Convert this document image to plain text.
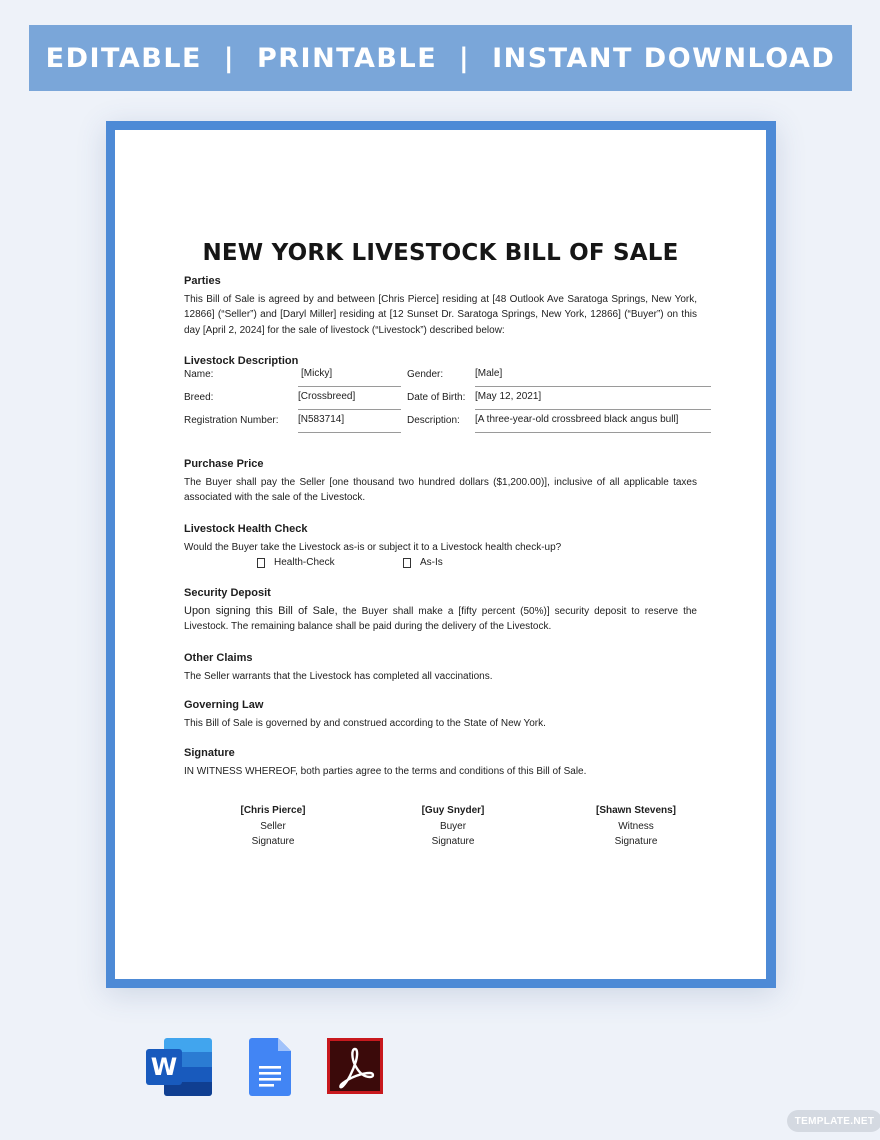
EDITABLE  |  PRINTABLE  |  INSTANT DOWNLOAD
NEW YORK LIVESTOCK BILL OF SALE
Parties

This Bill of Sale is agreed by and between [Chris Pierce] residing at [48 Outlook Ave Saratoga Springs, New York, 12866] (“Seller”) and [Daryl Miller] residing at [12 Sunset Dr. Saratoga Springs, New York, 12866] (“Buyer”) on this day [April 2, 2024] for the sale of livestock (“Livestock”) described below:

Livestock Description
Name:	[Micky]	Gender:	[Male]
Breed:	[Crossbreed]	Date of Birth: [May 12, 2021]
Registration Number:	[N583714]	Description:	[A three-year-old crossbreed black angus bull]
Purchase Price

The Buyer shall pay the Seller [one thousand two hundred dollars ($1,200.00)], inclusive of all applicable taxes associated with the sale of the Livestock.

Livestock Health Check

Would the Buyer take the Livestock as-is or subject it to a Livestock health check-up?

Health-Check	As-Is
Security Deposit

Upon signing this Bill of Sale, the Buyer shall make a [fifty percent (50%)] security deposit to reserve the Livestock. The remaining balance shall be paid during the delivery of the Livestock.

Other Claims

The Seller warrants that the Livestock has completed all vaccinations.

Governing Law

This Bill of Sale is governed by and construed according to the State of New York.

Signature

IN WITNESS WHEREOF, both parties agree to the terms and conditions of this Bill of Sale.

[Chris Pierce]
Seller
Signature
[Guy Snyder]
Buyer
Signature
[Shawn Stevens]
Witness
Signature
W
TEMPLATE.NET
